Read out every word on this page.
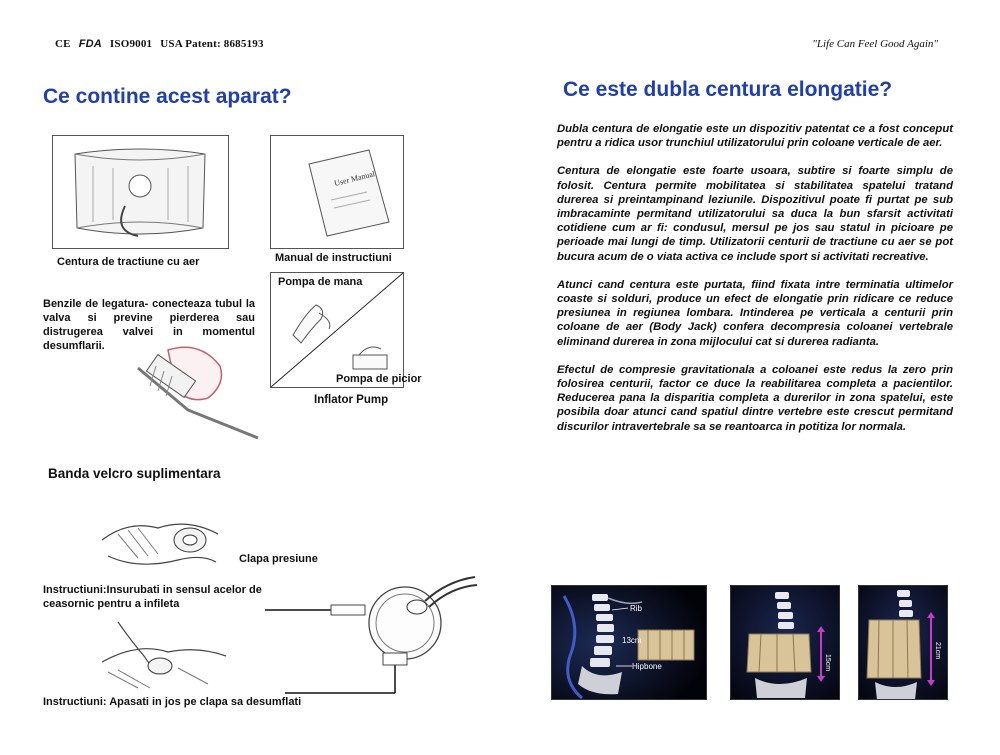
CE FDA ISO9001 USA Patent: 8685193	"Life Can Feel Good Again"
Ce contine acest aparat?
Centura de tractiune cu aer
User Manual
Manual de instructiuni
Pompa de mana
Pompa de picior
Inflator Pump
Benzile de legatura- conecteaza tubul la valva si previne pierderea sau distrugerea valvei in momentul desumflarii.
Banda velcro suplimentara
Clapa presiune
Instructiuni:Insurubati in sensul acelor de ceasornic pentru a infileta
Instructiuni: Apasati in jos pe clapa sa desumflati
Ce este dubla centura elongatie?

Dubla centura de elongatie este un dispozitiv patentat ce a fost conceput pentru a ridica usor trunchiul utilizatorului prin coloane verticale de aer.

Centura de elongatie este foarte usoara, subtire si foarte simplu de folosit. Centura permite mobilitatea si stabilitatea spatelui tratand durerea si preintampinand leziunile. Dispozitivul poate fi purtat pe sub imbracaminte permitand utilizatorului sa duca la bun sfarsit activitati cotidiene cum ar fi: condusul, mersul pe jos sau statul in picioare pe perioade mai lungi de timp. Utilizatorii centurii de tractiune cu aer se pot bucura acum de o viata activa ce include sport si activitati recreative.

Atunci cand centura este purtata, fiind fixata intre terminatia ultimelor coaste si solduri, produce un efect de elongatie prin ridicare ce reduce presiunea in regiunea lombara. Intinderea pe verticala a centurii prin coloane de aer (Body Jack) confera decompresia coloanei vertebrale eliminand durerea in zona mijlocului cat si durerea radianta.

Efectul de compresie gravitationala a coloanei este redus la zero prin folosirea centurii, factor ce duce la reabilitarea completa a pacientilor. Reducerea pana la disparitia completa a durerilor in zona spatelui, este posibila doar atunci cand spatiul dintre vertebre este crescut permitand discurilor intravertebrale sa se reantoarca in potitiza lor normala.

Rib
13cm
Hipbone	15cm
21cm
